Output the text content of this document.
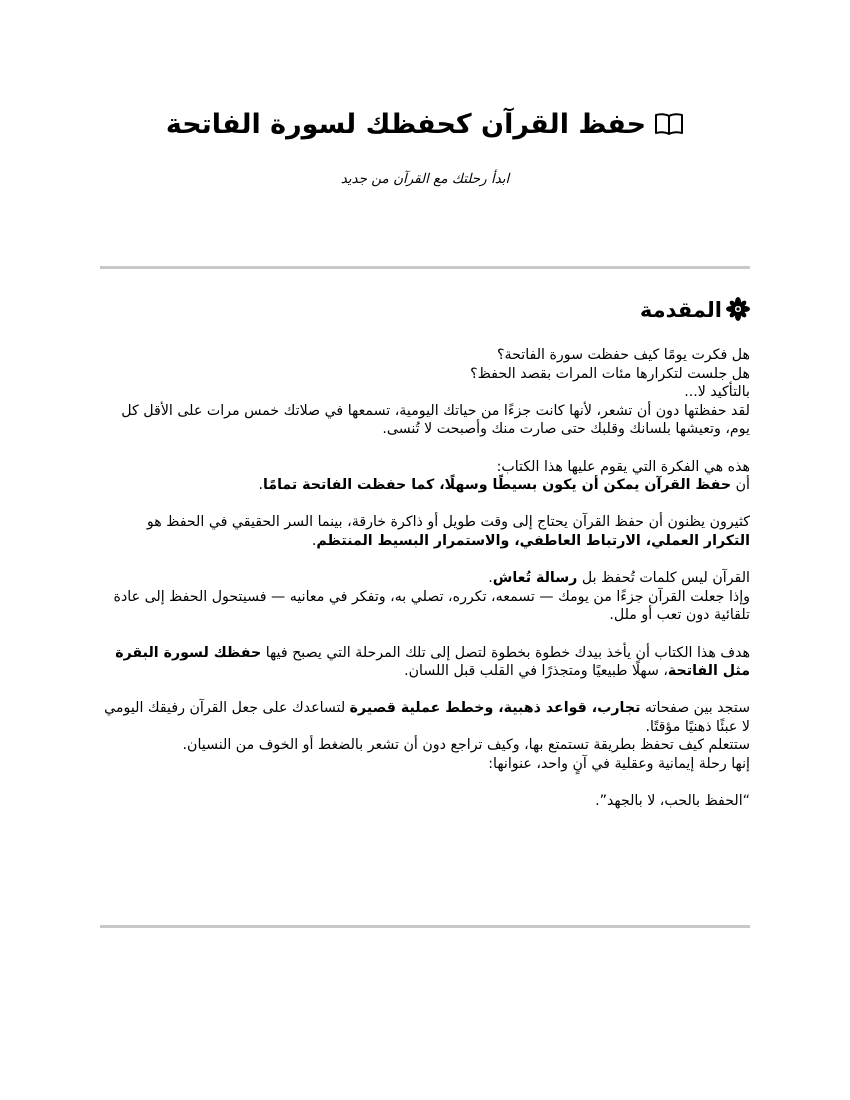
حفظ القرآن كحفظك لسورة الفاتحة
ابدأ رحلتك مع القرآن من جديد
المقدمة

هل فكرت يومًا كيف حفظت سورة الفاتحة؟
هل جلست لتكرارها مئات المرات بقصد الحفظ؟
بالتأكيد لا...
لقد حفظتها دون أن تشعر، لأنها كانت جزءًا من حياتك اليومية، تسمعها في صلاتك خمس مرات على الأقل كل يوم، وتعيشها بلسانك وقلبك حتى صارت منك وأصبحت لا تُنسى.

هذه هي الفكرة التي يقوم عليها هذا الكتاب:
أن حفظ القرآن يمكن أن يكون بسيطًا وسهلًا، كما حفظت الفاتحة تمامًا.

كثيرون يظنون أن حفظ القرآن يحتاج إلى وقت طويل أو ذاكرة خارقة، بينما السر الحقيقي في الحفظ هو التكرار العملي، الارتباط العاطفي، والاستمرار البسيط المنتظم.

القرآن ليس كلمات تُحفظ بل رسالة تُعاش.
وإذا جعلت القرآن جزءًا من يومك — تسمعه، تكرره، تصلي به، وتفكر في معانيه — فسيتحول الحفظ إلى عادة تلقائية دون تعب أو ملل.

هدف هذا الكتاب أن يأخذ بيدك خطوة بخطوة لتصل إلى تلك المرحلة التي يصبح فيها حفظك لسورة البقرة مثل الفاتحة، سهلًا طبيعيًا ومتجذرًا في القلب قبل اللسان.

ستجد بين صفحاته تجارب، قواعد ذهبية، وخطط عملية قصيرة لتساعدك على جعل القرآن رفيقك اليومي لا عبئًا ذهنيًا مؤقتًا.
ستتعلم كيف تحفظ بطريقة تستمتع بها، وكيف تراجع دون أن تشعر بالضغط أو الخوف من النسيان.
إنها رحلة إيمانية وعقلية في آنٍ واحد، عنوانها:

“الحفظ بالحب، لا بالجهد”.
